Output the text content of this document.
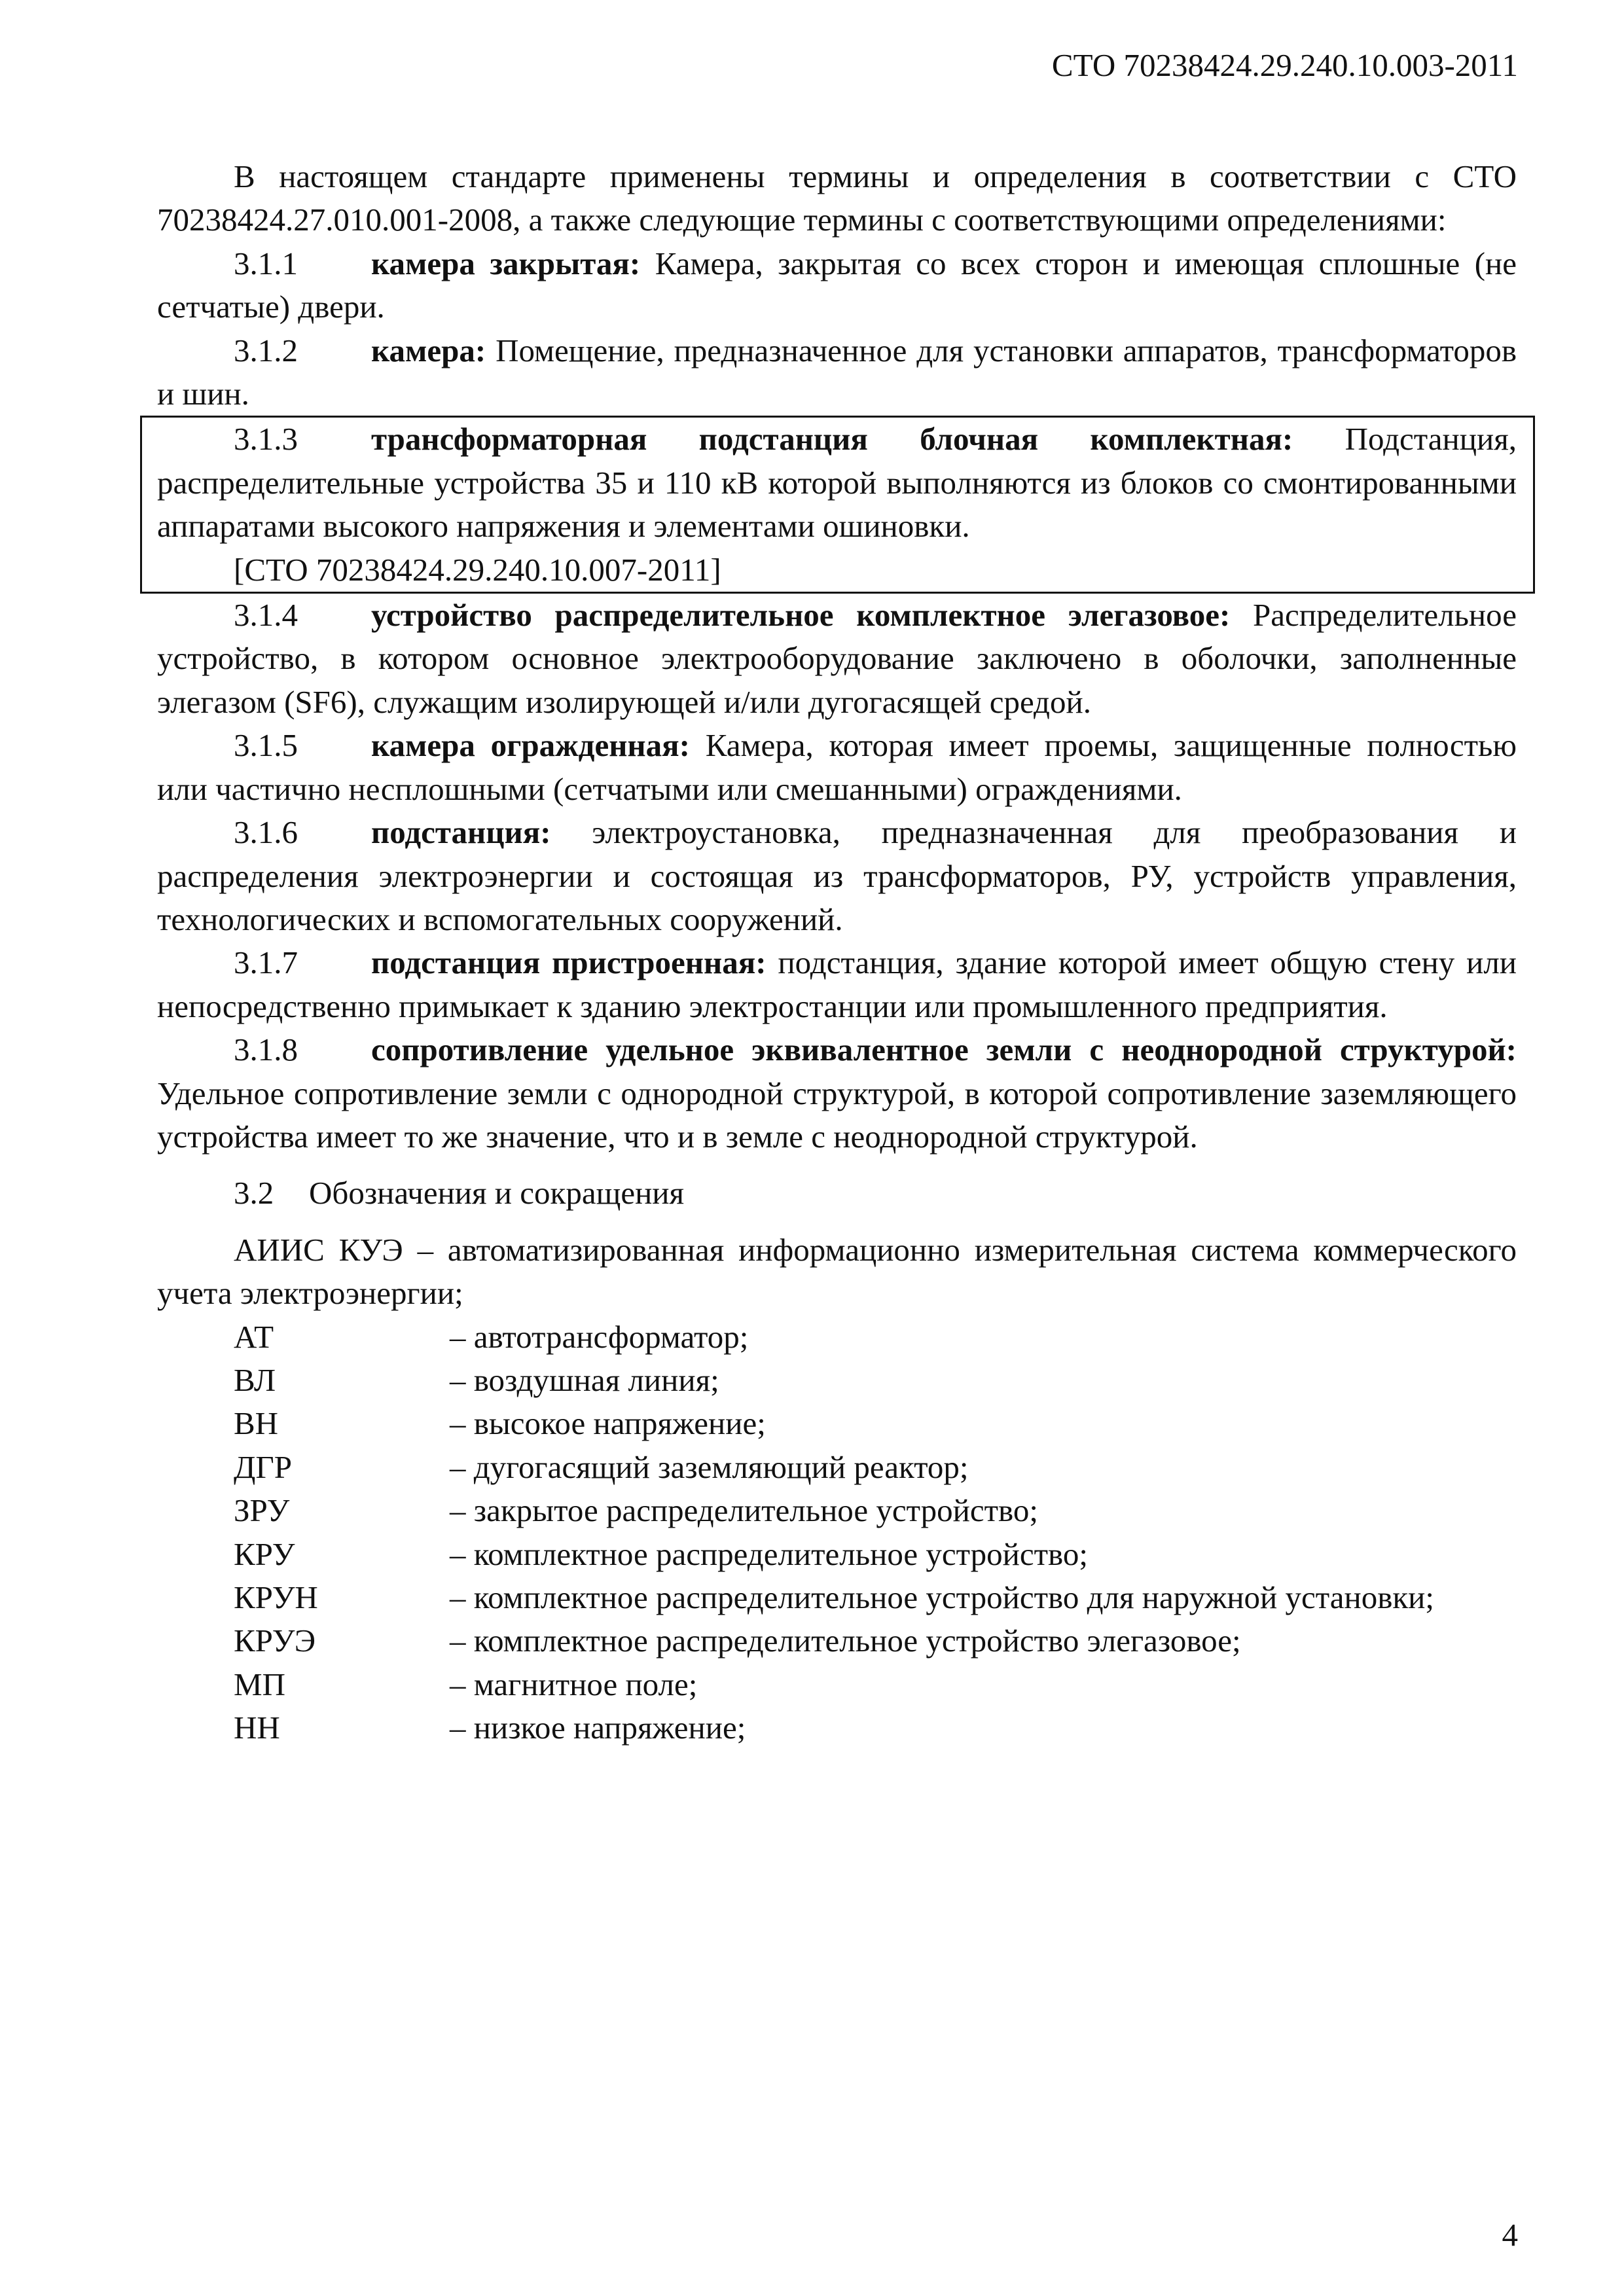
СТО 70238424.29.240.10.003-2011

В настоящем стандарте применены термины и определения в соответствии с СТО 70238424.27.010.001-2008, а также следующие термины с соответствующими определениями:

3.1.1 камера закрытая: Камера, закрытая со всех сторон и имеющая сплошные (не сетчатые) двери.

3.1.2 камера: Помещение, предназначенное для установки аппаратов, трансформаторов и шин.

3.1.3 трансформаторная подстанция блочная комплектная: Подстанция, распределительные устройства 35 и 110 кВ которой выполняются из блоков со смонтированными аппаратами высокого напряжения и элементами ошиновки.

[СТО 70238424.29.240.10.007-2011]

3.1.4 устройство распределительное комплектное элегазовое: Распределительное устройство, в котором основное электрооборудование заключено в оболочки, заполненные элегазом (SF6), служащим изолирующей и/или дугогасящей средой.

3.1.5 камера огражденная: Камера, которая имеет проемы, защищенные полностью или частично несплошными (сетчатыми или смешанными) ограждениями.

3.1.6 подстанция: электроустановка, предназначенная для преобразования и распределения электроэнергии и состоящая из трансформаторов, РУ, устройств управления, технологических и вспомогательных сооружений.

3.1.7 подстанция пристроенная: подстанция, здание которой имеет общую стену или непосредственно примыкает к зданию электростанции или промышленного предприятия.

3.1.8 сопротивление удельное эквивалентное земли с неоднородной структурой: Удельное сопротивление земли с однородной структурой, в которой сопротивление заземляющего устройства имеет то же значение, что и в земле с неоднородной структурой.

3.2 Обозначения и сокращения

АИИС КУЭ – автоматизированная информационно измерительная система коммерческого учета электроэнергии;

АТ	– автотрансформатор;
ВЛ	– воздушная линия;
ВН	– высокое напряжение;
ДГР	– дугогасящий заземляющий реактор;
ЗРУ	– закрытое распределительное устройство;
КРУ	– комплектное распределительное устройство;

КРУН	– комплектное распределительное устройство для наружной установки;

КРУЭ	– комплектное распределительное устройство элегазовое;
МП	– магнитное поле;
НН	– низкое напряжение;
4
